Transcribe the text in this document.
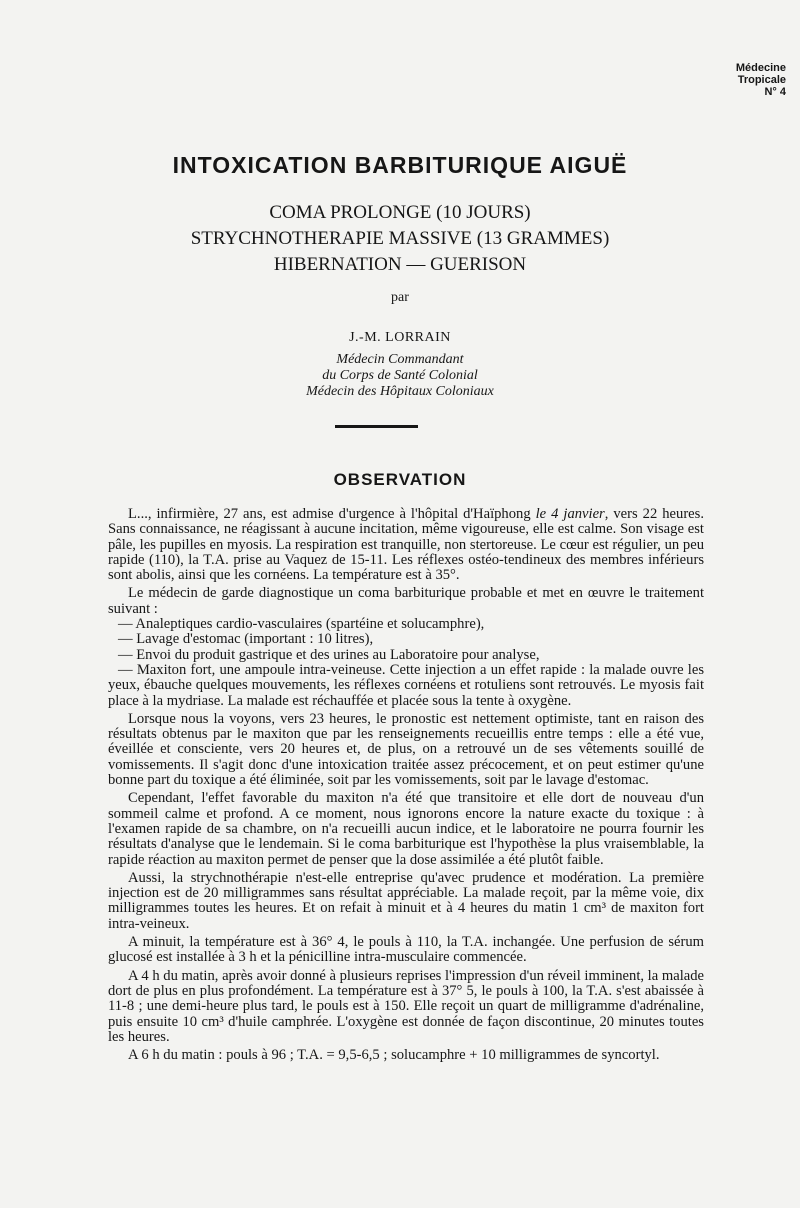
Médecine
Tropicale
N° 4
INTOXICATION BARBITURIQUE AIGUË
COMA PROLONGE (10 JOURS)
STRYCHNOTHERAPIE MASSIVE (13 GRAMMES)
HIBERNATION — GUERISON
par
J.-M. LORRAIN
Médecin Commandant
du Corps de Santé Colonial
Médecin des Hôpitaux Coloniaux
OBSERVATION

L..., infirmière, 27 ans, est admise d'urgence à l'hôpital d'Haïphong le 4 janvier, vers 22 heures. Sans connaissance, ne réagissant à aucune incitation, même vigoureuse, elle est calme. Son visage est pâle, les pupilles en myosis. La respiration est tranquille, non stertoreuse. Le cœur est régulier, un peu rapide (110), la T.A. prise au Vaquez de 15-11. Les réflexes ostéo-tendineux des membres inférieurs sont abolis, ainsi que les cornéens. La température est à 35°.

Le médecin de garde diagnostique un coma barbiturique probable et met en œuvre le traitement suivant :

— Analeptiques cardio-vasculaires (spartéine et solucamphre),

— Lavage d'estomac (important : 10 litres),

— Envoi du produit gastrique et des urines au Laboratoire pour analyse,

— Maxiton fort, une ampoule intra-veineuse. Cette injection a un effet rapide : la malade ouvre les yeux, ébauche quelques mouvements, les réflexes cornéens et rotuliens sont retrouvés. Le myosis fait place à la mydriase. La malade est réchauffée et placée sous la tente à oxygène.

Lorsque nous la voyons, vers 23 heures, le pronostic est nettement optimiste, tant en raison des résultats obtenus par le maxiton que par les renseignements recueillis entre temps : elle a été vue, éveillée et consciente, vers 20 heures et, de plus, on a retrouvé un de ses vêtements souillé de vomissements. Il s'agit donc d'une intoxication traitée assez précocement, et on peut estimer qu'une bonne part du toxique a été éliminée, soit par les vomissements, soit par le lavage d'estomac.

Cependant, l'effet favorable du maxiton n'a été que transitoire et elle dort de nouveau d'un sommeil calme et profond. A ce moment, nous ignorons encore la nature exacte du toxique : à l'examen rapide de sa chambre, on n'a recueilli aucun indice, et le laboratoire ne pourra fournir les résultats d'analyse que le lendemain. Si le coma barbiturique est l'hypothèse la plus vraisemblable, la rapide réaction au maxiton permet de penser que la dose assimilée a été plutôt faible.

Aussi, la strychnothérapie n'est-elle entreprise qu'avec prudence et modération. La première injection est de 20 milligrammes sans résultat appréciable. La malade reçoit, par la même voie, dix milligrammes toutes les heures. Et on refait à minuit et à 4 heures du matin 1 cm³ de maxiton fort intra-veineux.

A minuit, la température est à 36° 4, le pouls à 110, la T.A. inchangée. Une perfusion de sérum glucosé est installée à 3 h et la pénicilline intra-musculaire commencée.

A 4 h du matin, après avoir donné à plusieurs reprises l'impression d'un réveil imminent, la malade dort de plus en plus profondément. La température est à 37° 5, le pouls à 100, la T.A. s'est abaissée à 11-8 ; une demi-heure plus tard, le pouls est à 150. Elle reçoit un quart de milligramme d'adrénaline, puis ensuite 10 cm³ d'huile camphrée. L'oxygène est donnée de façon discontinue, 20 minutes toutes les heures.

A 6 h du matin : pouls à 96 ; T.A. = 9,5-6,5 ; solucamphre + 10 milligrammes de syncortyl.
